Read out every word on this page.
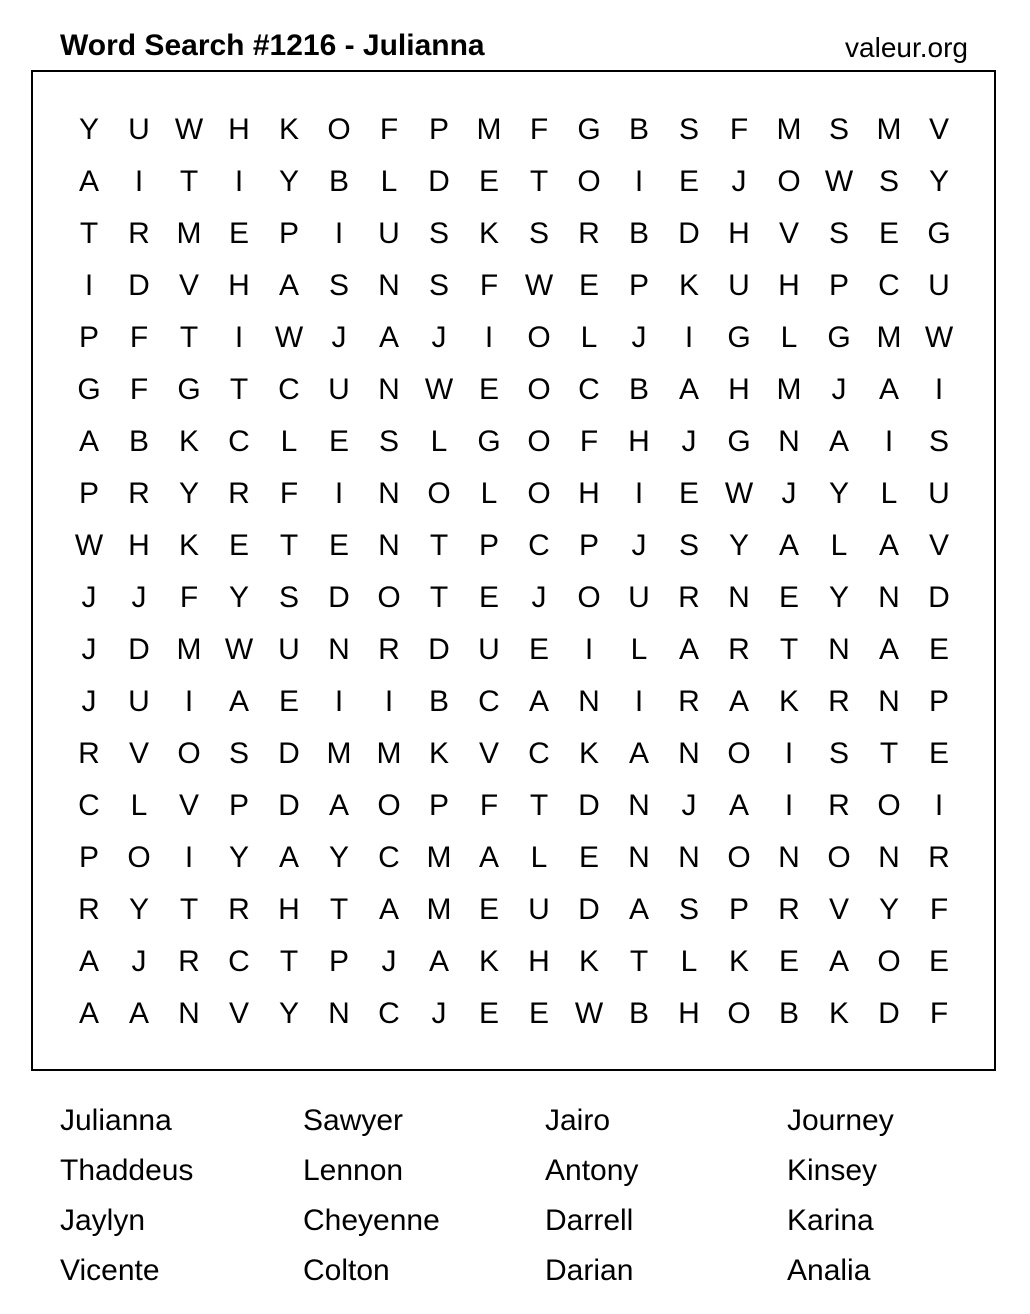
Word Search #1216 - Julianna	valeur.org
Y U W H K O F	P M F G B S	F M S M V
A	I	T	I	Y B	L	D E	T O	I	E	J	O W S Y
T	R M E P	I	U S K S R B D H V S E G
I	D V H A S N S	F W E P K U H P C U
P	F	T	I	W J	A	J	I	O L	J	I	G L G M W
G F G T	C U N W E O C B A H M	J	A	I
A B K C	L	E S	L G O F	H	J	G N A	I	S
P R Y R	F	I	N O L O H	I	E W J	Y	L	U
W H K E	T	E N	T	P C P	J	S Y A	L	A V
J	J	F	Y S D O T	E	J	O U R N E Y N D
J	D M W U N R D U E	I	L	A R	T	N A E
J	U	I	A E	I	I	B C A N	I	R A K R N P
R V O S D M M K V C K A N O	I	S	T	E
C	L	V P D A O P	F	T	D N	J	A	I	R O	I
P O	I	Y A Y C M A	L	E N N O N O N R
R Y	T	R H	T	A M E U D A S P R V Y	F
A	J	R C	T	P	J	A K H K	T	L	K E A O E
A A N V Y N C	J	E E W B H O B K D	F
Julianna	Sawyer	Jairo	Journey
Thaddeus	Lennon	Antony	Kinsey
Jaylyn	Cheyenne	Darrell	Karina
Vicente	Colton	Darian	Analia
